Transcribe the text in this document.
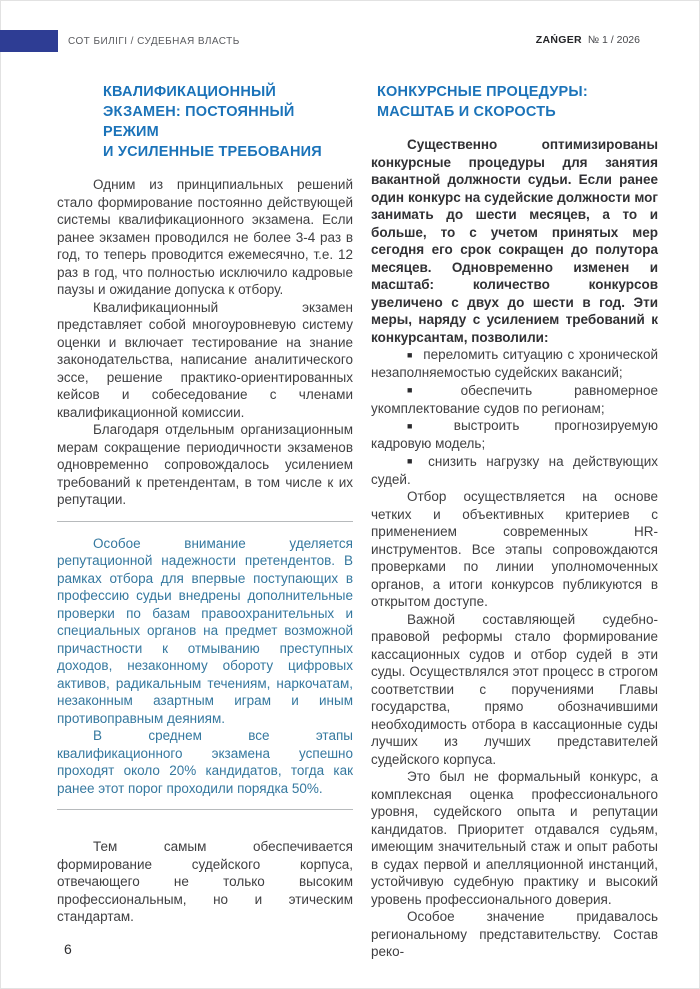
СОТ БИЛІГІ / СУДЕБНАЯ ВЛАСТЬ	ZAŃGER № 1 / 2026
КВАЛИФИКАЦИОННЫЙ
ЭКЗАМЕН: ПОСТОЯННЫЙ РЕЖИМ
И УСИЛЕННЫЕ ТРЕБОВАНИЯ

Одним из принципиальных решений стало формирование постоянно действующей системы квалификационного экзамена. Если ранее экзамен проводился не более 3-4 раз в год, то теперь проводится ежемесячно, т.е. 12 раз в год, что полностью исключило кадровые паузы и ожидание допуска к отбору.

Квалификационный экзамен представляет собой многоуровневую систему оценки и включает тестирование на знание законодательства, написание аналитического эссе, решение практико-ориентированных кейсов и собеседование с членами квалификационной комиссии.

Благодаря отдельным организационным мерам сокращение периодичности экзаменов одновременно сопровождалось усилением требований к претендентам, в том числе к их репутации.

Особое внимание уделяется репутационной надежности претендентов. В рамках отбора для впервые поступающих в профессию судьи внедрены дополнительные проверки по базам правоохранительных и специальных органов на предмет возможной причастности к отмыванию преступных доходов, незаконному обороту цифровых активов, радикальным течениям, наркочатам, незаконным азартным играм и иным противоправным деяниям.

В среднем все этапы квалификационного экзамена успешно проходят около 20% кандидатов, тогда как ранее этот порог проходили порядка 50%.

Тем самым обеспечивается формирование судейского корпуса, отвечающего не только высоким профессиональным, но и этическим стандартам.

КОНКУРСНЫЕ ПРОЦЕДУРЫ:
МАСШТАБ И СКОРОСТЬ

Существенно оптимизированы конкурсные процедуры для занятия вакантной должности судьи. Если ранее один конкурс на судейские должности мог занимать до шести месяцев, а то и больше, то с учетом принятых мер сегодня его срок сокращен до полутора месяцев. Одновременно изменен и масштаб: количество конкурсов увеличено с двух до шести в год. Эти меры, наряду с усилением требований к конкурсантам, позволили:

■ переломить ситуацию с хронической незаполняемостью судейских вакансий;

■ обеспечить равномерное укомплектование судов по регионам;

■ выстроить прогнозируемую кадровую модель;

■ снизить нагрузку на действующих судей.

Отбор осуществляется на основе четких и объективных критериев с применением современных HR-инструментов. Все этапы сопровождаются проверками по линии уполномоченных органов, а итоги конкурсов публикуются в открытом доступе.

Важной составляющей судебно-правовой реформы стало формирование кассационных судов и отбор судей в эти суды. Осуществлялся этот процесс в строгом соответствии с поручениями Главы государства, прямо обозначившими необходимость отбора в кассационные суды лучших из лучших представителей судейского корпуса.

Это был не формальный конкурс, а комплексная оценка профессионального уровня, судейского опыта и репутации кандидатов. Приоритет отдавался судьям, имеющим значительный стаж и опыт работы в судах первой и апелляционной инстанций, устойчивую судебную практику и высокий уровень профессионального доверия.

Особое значение придавалось региональному представительству. Состав реко-

6
